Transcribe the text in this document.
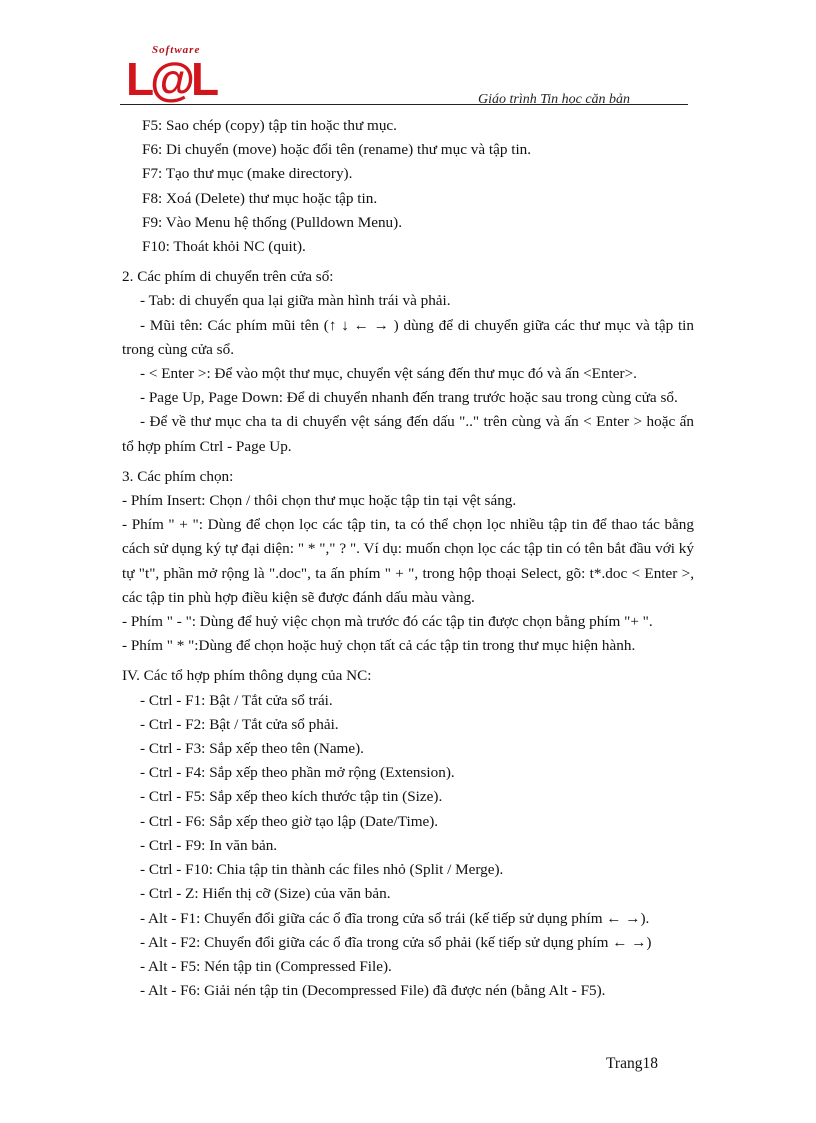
Software
L@L	Giáo trình Tin học căn bản

F5: Sao chép (copy) tập tin hoặc thư mục.

F6: Di chuyển (move) hoặc đổi tên (rename) thư mục và tập tin.

F7: Tạo thư mục (make directory).

F8: Xoá (Delete) thư mục hoặc tập tin.

F9: Vào Menu hệ thống (Pulldown Menu).

F10: Thoát khỏi NC (quit).

2. Các phím di chuyển trên cửa sổ:

- Tab: di chuyển qua lại giữa màn hình trái và phải.

- Mũi tên: Các phím mũi tên (↑ ↓ ← → ) dùng để di chuyển giữa các thư mục và tập tin trong cùng cửa sổ.

- < Enter >: Để vào một thư mục, chuyển vệt sáng đến thư mục đó và ấn <Enter>.

- Page Up, Page Down: Để di chuyển nhanh đến trang trước hoặc sau trong cùng cửa sổ.

- Để về thư mục cha ta di chuyển vệt sáng đến dấu ".." trên cùng và ấn < Enter > hoặc ấn tổ hợp phím Ctrl - Page Up.

3. Các phím chọn:

- Phím Insert: Chọn / thôi chọn thư mục hoặc tập tin tại vệt sáng.

- Phím " + ": Dùng để chọn lọc các tập tin, ta có thể chọn lọc nhiều tập tin để thao tác bằng cách sử dụng ký tự đại diện: " * "," ? ". Ví dụ: muốn chọn lọc các tập tin có tên bắt đầu với ký tự "t", phần mở rộng là ".doc", ta ấn phím " + ", trong hộp thoại Select, gõ: t*.doc < Enter >, các tập tin phù hợp điều kiện sẽ được đánh dấu màu vàng.

- Phím " - ": Dùng để huỷ việc chọn mà trước đó các tập tin được chọn bằng phím "+ ".

- Phím " * ":Dùng để chọn hoặc huỷ chọn tất cả các tập tin trong thư mục hiện hành.

IV. Các tổ hợp phím thông dụng của NC:

- Ctrl - F1: Bật / Tắt cửa sổ trái.

- Ctrl - F2: Bật / Tắt cửa sổ phải.

- Ctrl - F3: Sắp xếp theo tên (Name).

- Ctrl - F4: Sắp xếp theo phần mở rộng (Extension).

- Ctrl - F5: Sắp xếp theo kích thước tập tin (Size).

- Ctrl - F6: Sắp xếp theo giờ tạo lập (Date/Time).

- Ctrl - F9: In văn bản.

- Ctrl - F10: Chia tập tin thành các files nhỏ (Split / Merge).

- Ctrl - Z: Hiển thị cỡ (Size) của văn bản.

- Alt - F1: Chuyển đổi giữa các ổ đĩa trong cửa sổ trái (kế tiếp sử dụng phím ← →).

- Alt - F2: Chuyển đổi giữa các ổ đĩa trong cửa sổ phải (kế tiếp sử dụng phím ← →)

- Alt - F5: Nén tập tin (Compressed File).

- Alt - F6: Giải nén tập tin (Decompressed File) đã được nén (bằng Alt - F5).

Trang18
